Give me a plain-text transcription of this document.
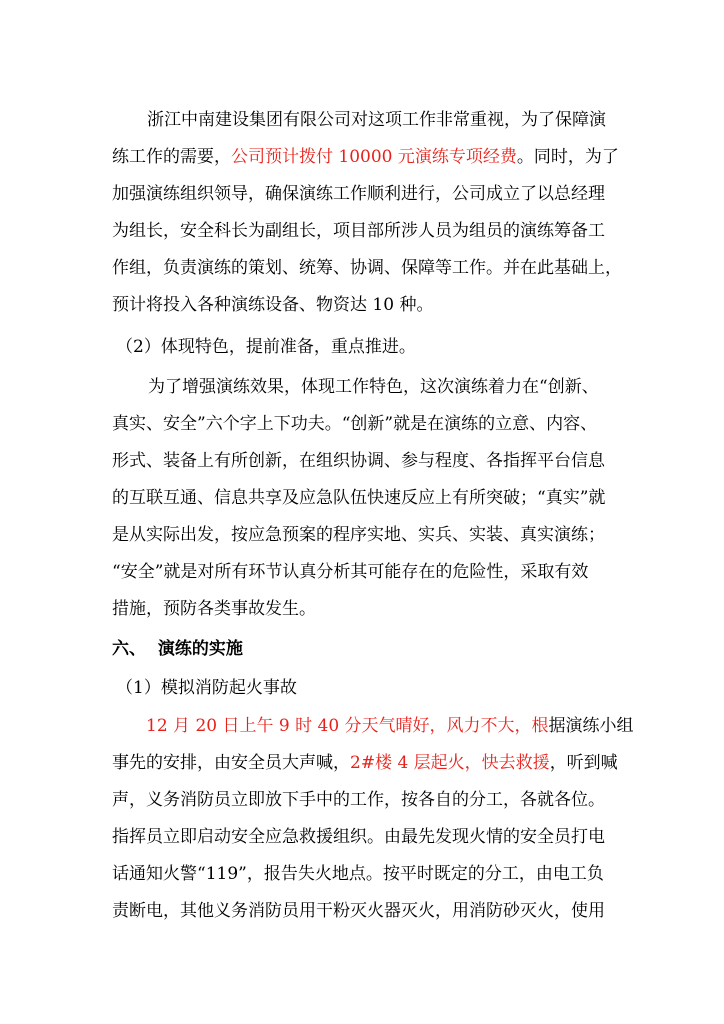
浙江中南建设集团有限公司对这项工作非常重视，为了保障演
练工作的需要，公司预计拨付 10000 元演练专项经费。同时，为了
加强演练组织领导，确保演练工作顺利进行，公司成立了以总经理
为组长，安全科长为副组长，项目部所涉人员为组员的演练筹备工
作组，负责演练的策划、统筹、协调、保障等工作。并在此基础上，
预计将投入各种演练设备、物资达 10 种。
（2）体现特色，提前准备，重点推进。
为了增强演练效果，体现工作特色，这次演练着力在“创新、
真实、安全”六个字上下功夫。“创新”就是在演练的立意、内容、
形式、装备上有所创新，在组织协调、参与程度、各指挥平台信息
的互联互通、信息共享及应急队伍快速反应上有所突破；“真实”就
是从实际出发，按应急预案的程序实地、实兵、实装、真实演练；
“安全”就是对所有环节认真分析其可能存在的危险性，采取有效
措施，预防各类事故发生。
六、  演练的实施
（1）模拟消防起火事故
12 月 20 日上午 9 时 40 分天气晴好，风力不大，根据演练小组
事先的安排，由安全员大声喊，2#楼 4 层起火，快去救援，听到喊
声，义务消防员立即放下手中的工作，按各自的分工，各就各位。
指挥员立即启动安全应急救援组织。由最先发现火情的安全员打电
话通知火警“119”，报告失火地点。按平时既定的分工，由电工负
责断电，其他义务消防员用干粉灭火器灭火，用消防砂灭火，使用
